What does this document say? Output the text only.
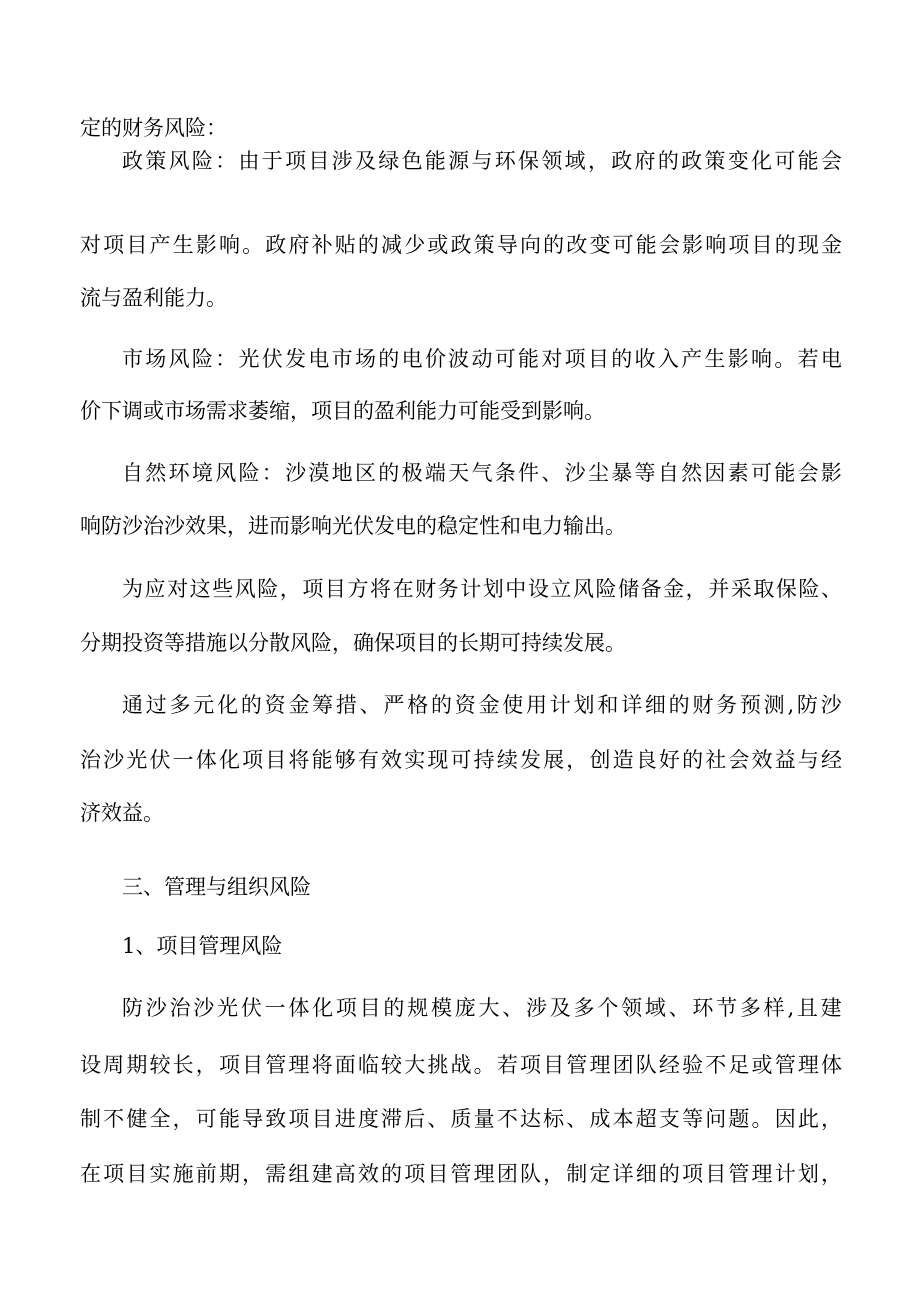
定的财务风险：

政 策 风 险 ： 由 于 项 目 涉 及 绿 色 能 源 与 环 保 领 域 ， 政 府 的 政 策 变 化 可 能 会

对 项 目 产 生 影 响 。 政 府 补 贴 的 减 少 或 政 策 导 向 的 改 变 可 能 会 影 响 项 目 的 现 金

流与盈利能力。

市 场 风 险 ： 光 伏 发 电 市 场 的 电 价 波 动 可 能 对 项 目 的 收 入 产 生 影 响 。 若 电

价下调或市场需求萎缩，项目的盈利能力可能受到影响。

自 然 环 境 风 险 ： 沙 漠 地 区 的 极 端 天 气 条 件 、 沙 尘 暴 等 自 然 因 素 可 能 会 影

响防沙治沙效果，进而影响光伏发电的稳定性和电力输出。

为 应 对 这 些 风 险 ， 项 目 方 将 在 财 务 计 划 中 设 立 风 险 储 备 金 ， 并 采 取 保 险 、

分期投资等措施以分散风险，确保项目的长期可持续发展。

通 过 多 元 化 的 资 金 筹 措 、 严 格 的 资 金 使 用 计 划 和 详 细 的 财 务 预 测 , 防 沙

治 沙 光 伏 一 体 化 项 目 将 能 够 有 效 实 现 可 持 续 发 展 ， 创 造 良 好 的 社 会 效 益 与 经

济效益。

三、管理与组织风险

1、项目管理风险

防 沙 治 沙 光 伏 一 体 化 项 目 的 规 模 庞 大 、 涉 及 多 个 领 域 、 环 节 多 样 , 且 建

设 周 期 较 长 ， 项 目 管 理 将 面 临 较 大 挑 战 。 若 项 目 管 理 团 队 经 验 不 足 或 管 理 体

制 不 健 全 ， 可 能 导 致 项 目 进 度 滞 后 、 质 量 不 达 标 、 成 本 超 支 等 问 题 。 因 此 ，

在 项 目 实 施 前 期 ， 需 组 建 高 效 的 项 目 管 理 团 队 ， 制 定 详 细 的 项 目 管 理 计 划 ，
